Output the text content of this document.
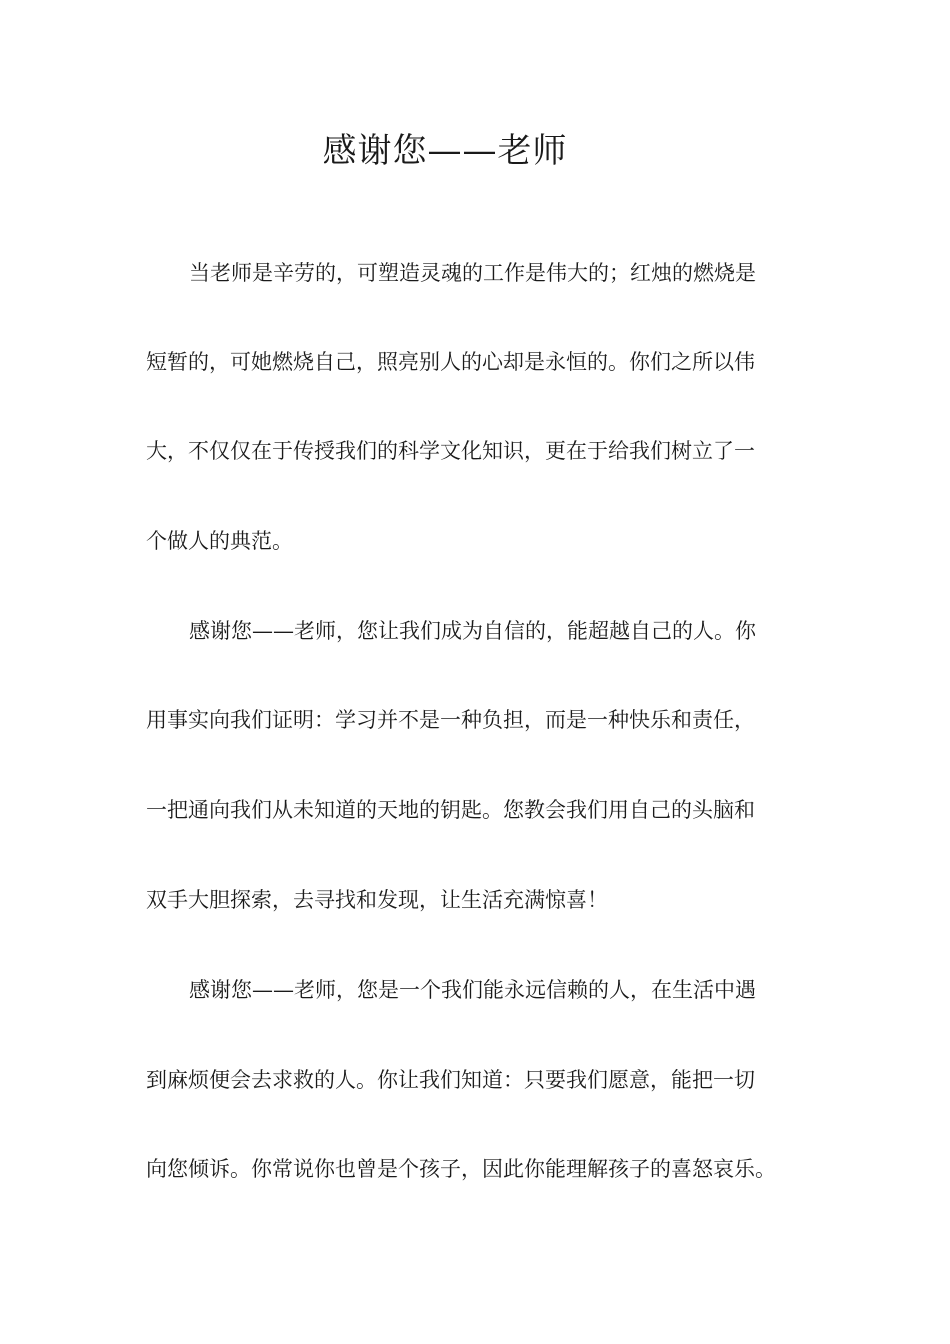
感谢您——老师

当老师是辛劳的，可塑造灵魂的工作是伟大的；红烛的燃烧是

短暂的，可她燃烧自己，照亮别人的心却是永恒的。你们之所以伟

大，不仅仅在于传授我们的科学文化知识，更在于给我们树立了一

个做人的典范。

感谢您——老师，您让我们成为自信的，能超越自己的人。你

用事实向我们证明：学习并不是一种负担，而是一种快乐和责任，

一把通向我们从未知道的天地的钥匙。您教会我们用自己的头脑和

双手大胆探索，去寻找和发现，让生活充满惊喜！

感谢您——老师，您是一个我们能永远信赖的人，在生活中遇

到麻烦便会去求救的人。你让我们知道：只要我们愿意，能把一切

向您倾诉。你常说你也曾是个孩子，因此你能理解孩子的喜怒哀乐。
